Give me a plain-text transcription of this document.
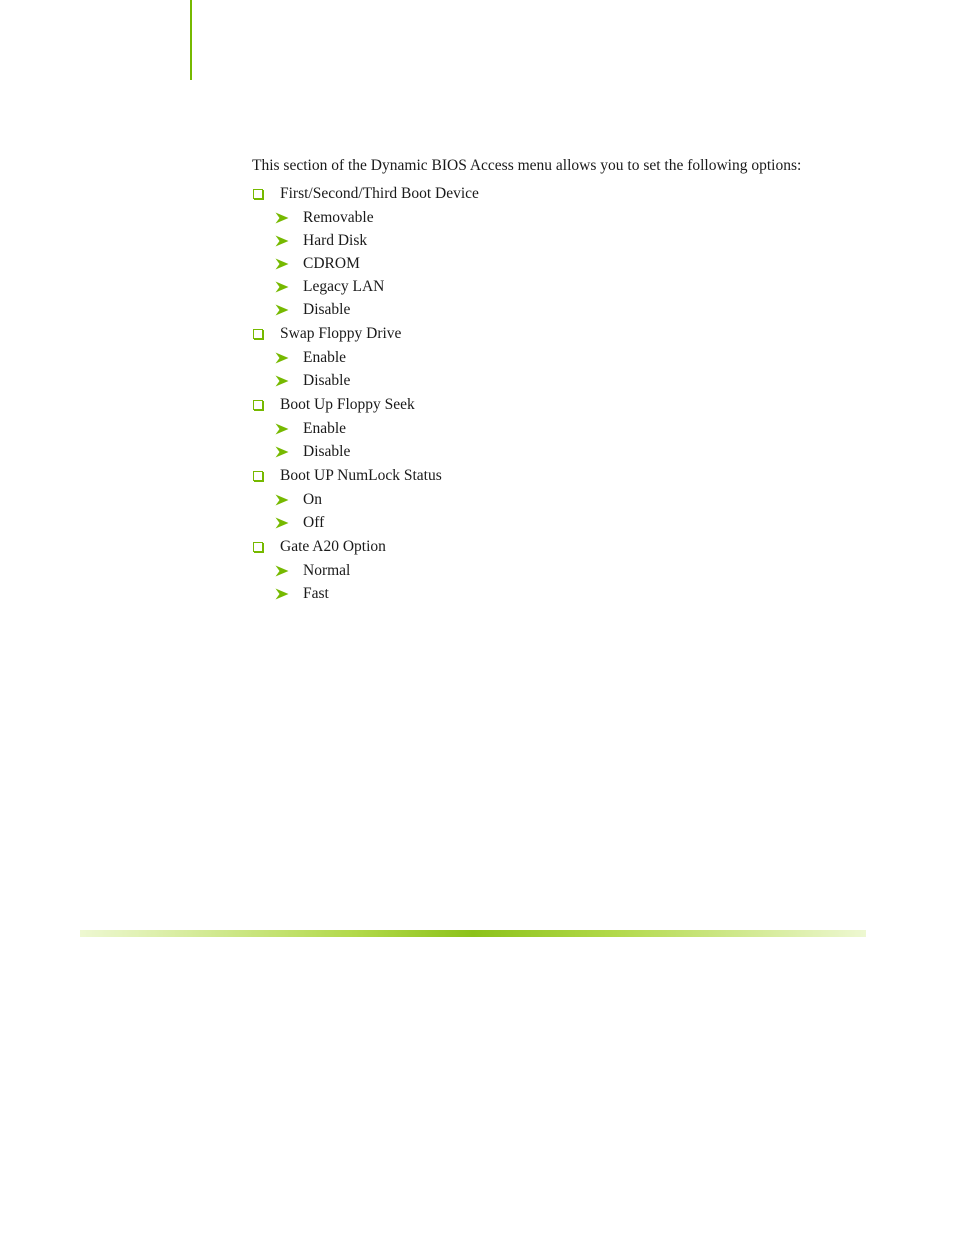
This section of the Dynamic BIOS Access menu allows you to set the following options:

First/Second/Third Boot Device
Removable
Hard Disk
CDROM
Legacy LAN
Disable
Swap Floppy Drive
Enable
Disable
Boot Up Floppy Seek
Enable
Disable
Boot UP NumLock Status
On
Off
Gate A20 Option
Normal
Fast
